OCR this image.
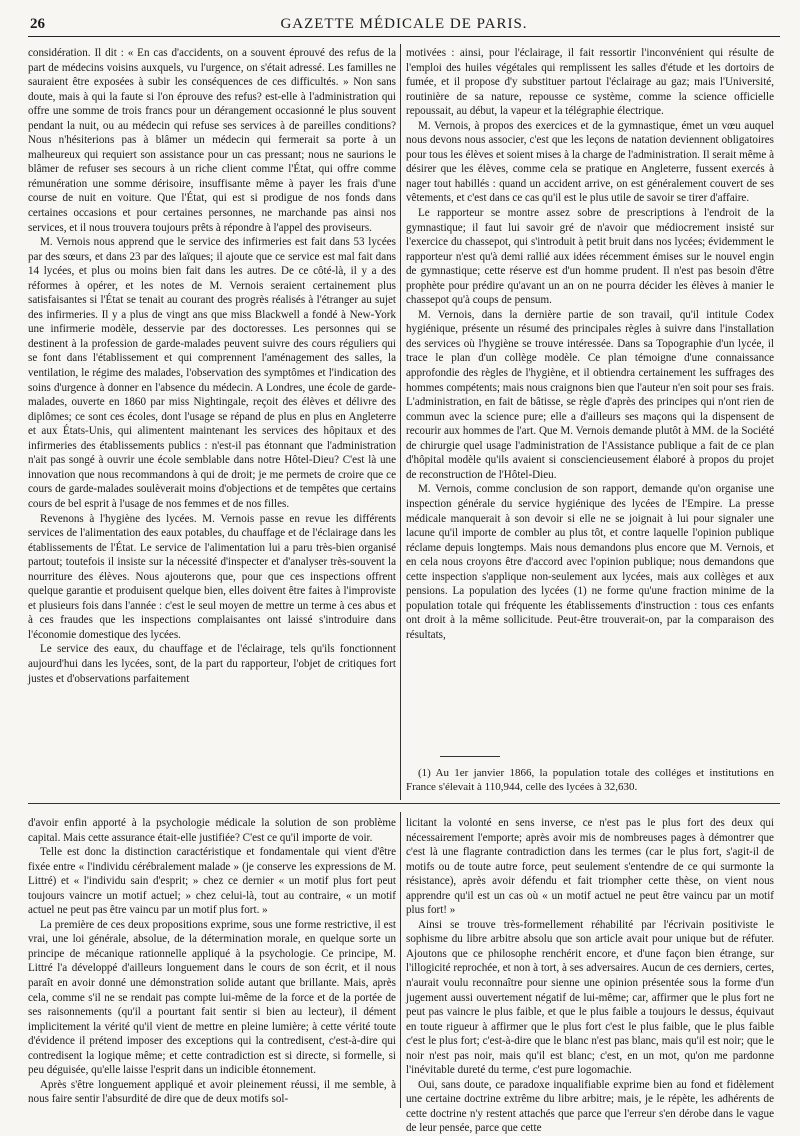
26	GAZETTE MÉDICALE DE PARIS.

considération. Il dit : « En cas d'accidents, on a souvent éprouvé des refus de la part de médecins voisins auxquels, vu l'urgence, on s'était adressé. Les familles ne sauraient être exposées à subir les conséquences de ces difficultés. » Non sans doute, mais à qui la faute si l'on éprouve des refus? est-elle à l'administration qui offre une somme de trois francs pour un dérangement occasionné le plus souvent pendant la nuit, ou au médecin qui refuse ses services à de pareilles conditions? Nous n'hésiterions pas à blâmer un médecin qui fermerait sa porte à un malheureux qui requiert son assistance pour un cas pressant; nous ne saurions le blâmer de refuser ses secours à un riche client comme l'État, qui offre comme rémunération une somme dérisoire, insuffisante même à payer les frais d'une course de nuit en voiture. Que l'État, qui est si prodigue de nos fonds dans certaines occasions et pour certaines personnes, ne marchande pas ainsi nos services, et il nous trouvera toujours prêts à répondre à l'appel des proviseurs.

M. Vernois nous apprend que le service des infirmeries est fait dans 53 lycées par des sœurs, et dans 23 par des laïques; il ajoute que ce service est mal fait dans 14 lycées, et plus ou moins bien fait dans les autres. De ce côté-là, il y a des réformes à opérer, et les notes de M. Vernois seraient certainement plus satisfaisantes si l'État se tenait au courant des progrès réalisés à l'étranger au sujet des infirmeries. Il y a plus de vingt ans que miss Blackwell a fondé à New-York une infirmerie modèle, desservie par des doctoresses. Les personnes qui se destinent à la profession de garde-malades peuvent suivre des cours réguliers qui se font dans l'établissement et qui comprennent l'aménagement des salles, la ventilation, le régime des malades, l'observation des symptômes et l'indication des soins d'urgence à donner en l'absence du médecin. A Londres, une école de garde-malades, ouverte en 1860 par miss Nightingale, reçoit des élèves et délivre des diplômes; ce sont ces écoles, dont l'usage se répand de plus en plus en Angleterre et aux États-Unis, qui alimentent maintenant les services des hôpitaux et des infirmeries des établissements publics : n'est-il pas étonnant que l'administration n'ait pas songé à ouvrir une école semblable dans notre Hôtel-Dieu? C'est là une innovation que nous recommandons à qui de droit; je me permets de croire que ce cours de garde-malades soulèverait moins d'objections et de tempêtes que certains cours de bel esprit à l'usage de nos femmes et de nos filles.

Revenons à l'hygiène des lycées. M. Vernois passe en revue les différents services de l'alimentation des eaux potables, du chauffage et de l'éclairage dans les établissements de l'État. Le service de l'alimentation lui a paru très-bien organisé partout; toutefois il insiste sur la nécessité d'inspecter et d'analyser très-souvent la nourriture des élèves. Nous ajouterons que, pour que ces inspections offrent quelque garantie et produisent quelque bien, elles doivent être faites à l'improviste et plusieurs fois dans l'année : c'est le seul moyen de mettre un terme à ces abus et à ces fraudes que les inspections complaisantes ont laissé s'introduire dans l'économie domestique des lycées.

Le service des eaux, du chauffage et de l'éclairage, tels qu'ils fonctionnent aujourd'hui dans les lycées, sont, de la part du rapporteur, l'objet de critiques fort justes et d'observations parfaitement

motivées : ainsi, pour l'éclairage, il fait ressortir l'inconvénient qui résulte de l'emploi des huiles végétales qui remplissent les salles d'étude et les dortoirs de fumée, et il propose d'y substituer partout l'éclairage au gaz; mais l'Université, routinière de sa nature, repousse ce système, comme la science officielle repoussait, au début, la vapeur et la télégraphie électrique.

M. Vernois, à propos des exercices et de la gymnastique, émet un vœu auquel nous devons nous associer, c'est que les leçons de natation deviennent obligatoires pour tous les élèves et soient mises à la charge de l'administration. Il serait même à désirer que les élèves, comme cela se pratique en Angleterre, fussent exercés à nager tout habillés : quand un accident arrive, on est généralement couvert de ses vêtements, et c'est dans ce cas qu'il est le plus utile de savoir se tirer d'affaire.

Le rapporteur se montre assez sobre de prescriptions à l'endroit de la gymnastique; il faut lui savoir gré de n'avoir que médiocrement insisté sur l'exercice du chassepot, qui s'introduit à petit bruit dans nos lycées; évidemment le rapporteur n'est qu'à demi rallié aux idées récemment émises sur le nouvel engin de gymnastique; cette réserve est d'un homme prudent. Il n'est pas besoin d'être prophète pour prédire qu'avant un an on ne pourra décider les élèves à manier le chassepot qu'à coups de pensum.

M. Vernois, dans la dernière partie de son travail, qu'il intitule Codex hygiénique, présente un résumé des principales règles à suivre dans l'installation des services où l'hygiène se trouve intéressée. Dans sa Topographie d'un lycée, il trace le plan d'un collège modèle. Ce plan témoigne d'une connaissance approfondie des règles de l'hygiène, et il obtiendra certainement les suffrages des hommes compétents; mais nous craignons bien que l'auteur n'en soit pour ses frais. L'administration, en fait de bâtisse, se règle d'après des principes qui n'ont rien de commun avec la science pure; elle a d'ailleurs ses maçons qui la dispensent de recourir aux hommes de l'art. Que M. Vernois demande plutôt à MM. de la Société de chirurgie quel usage l'administration de l'Assistance publique a fait de ce plan d'hôpital modèle qu'ils avaient si consciencieusement élaboré à propos du projet de reconstruction de l'Hôtel-Dieu.

M. Vernois, comme conclusion de son rapport, demande qu'on organise une inspection générale du service hygiénique des lycées de l'Empire. La presse médicale manquerait à son devoir si elle ne se joignait à lui pour signaler une lacune qu'il importe de combler au plus tôt, et contre laquelle l'opinion publique réclame depuis longtemps. Mais nous demandons plus encore que M. Vernois, et en cela nous croyons être d'accord avec l'opinion publique; nous demandons que cette inspection s'applique non-seulement aux lycées, mais aux collèges et aux pensions. La population des lycées (1) ne forme qu'une fraction minime de la population totale qui fréquente les établissements d'instruction : tous ces enfants ont droit à la même sollicitude. Peut-être trouverait-on, par la comparaison des résultats,

(1) Au 1er janvier 1866, la population totale des colléges et institutions en France s'élevait à 110,944, celle des lycées à 32,630.

d'avoir enfin apporté à la psychologie médicale la solution de son problème capital. Mais cette assurance était-elle justifiée? C'est ce qu'il importe de voir.

Telle est donc la distinction caractéristique et fondamentale qui vient d'être fixée entre « l'individu cérébralement malade » (je conserve les expressions de M. Littré) et « l'individu sain d'esprit; » chez ce dernier « un motif plus fort peut toujours vaincre un motif actuel; » chez celui-là, tout au contraire, « un motif actuel ne peut pas être vaincu par un motif plus fort. »

La première de ces deux propositions exprime, sous une forme restrictive, il est vrai, une loi générale, absolue, de la détermination morale, en quelque sorte un principe de mécanique rationnelle appliqué à la psychologie. Ce principe, M. Littré l'a développé d'ailleurs longuement dans le cours de son écrit, et il nous paraît en avoir donné une démonstration solide autant que brillante. Mais, après cela, comme s'il ne se rendait pas compte lui-même de la force et de la portée de ses raisonnements (qu'il a pourtant fait sentir si bien au lecteur), il dément implicitement la vérité qu'il vient de mettre en pleine lumière; à cette vérité toute d'évidence il prétend imposer des exceptions qui la contredisent, c'est-à-dire qui contredisent la logique même; et cette contradiction est si directe, si formelle, si peu déguisée, qu'elle laisse l'esprit dans un indicible étonnement.

Après s'être longuement appliqué et avoir pleinement réussi, il me semble, à nous faire sentir l'absurdité de dire que de deux motifs sol-

licitant la volonté en sens inverse, ce n'est pas le plus fort des deux qui nécessairement l'emporte; après avoir mis de nombreuses pages à démontrer que c'est là une flagrante contradiction dans les termes (car le plus fort, s'agit-il de motifs ou de toute autre force, peut seulement s'entendre de ce qui surmonte la résistance), après avoir défendu et fait triompher cette thèse, on vient nous apprendre qu'il est un cas où « un motif actuel ne peut être vaincu par un motif plus fort! »

Ainsi se trouve très-formellement réhabilité par l'écrivain positiviste le sophisme du libre arbitre absolu que son article avait pour unique but de réfuter. Ajoutons que ce philosophe renchérit encore, et d'une façon bien étrange, sur l'illogicité reprochée, et non à tort, à ses adversaires. Aucun de ces derniers, certes, n'aurait voulu reconnaître pour sienne une opinion présentée sous la forme d'un jugement aussi ouvertement négatif de lui-même; car, affirmer que le plus fort ne peut pas vaincre le plus faible, et que le plus faible a toujours le dessus, équivaut en toute rigueur à affirmer que le plus fort c'est le plus faible, que le plus faible c'est le plus fort; c'est-à-dire que le blanc n'est pas blanc, mais qu'il est noir; que le noir n'est pas noir, mais qu'il est blanc; c'est, en un mot, qu'on me pardonne l'inévitable dureté du terme, c'est pure logomachie.

Oui, sans doute, ce paradoxe inqualifiable exprime bien au fond et fidèlement une certaine doctrine extrême du libre arbitre; mais, je le répète, les adhérents de cette doctrine n'y restent attachés que parce que l'erreur s'en dérobe dans le vague de leur pensée, parce que cette
